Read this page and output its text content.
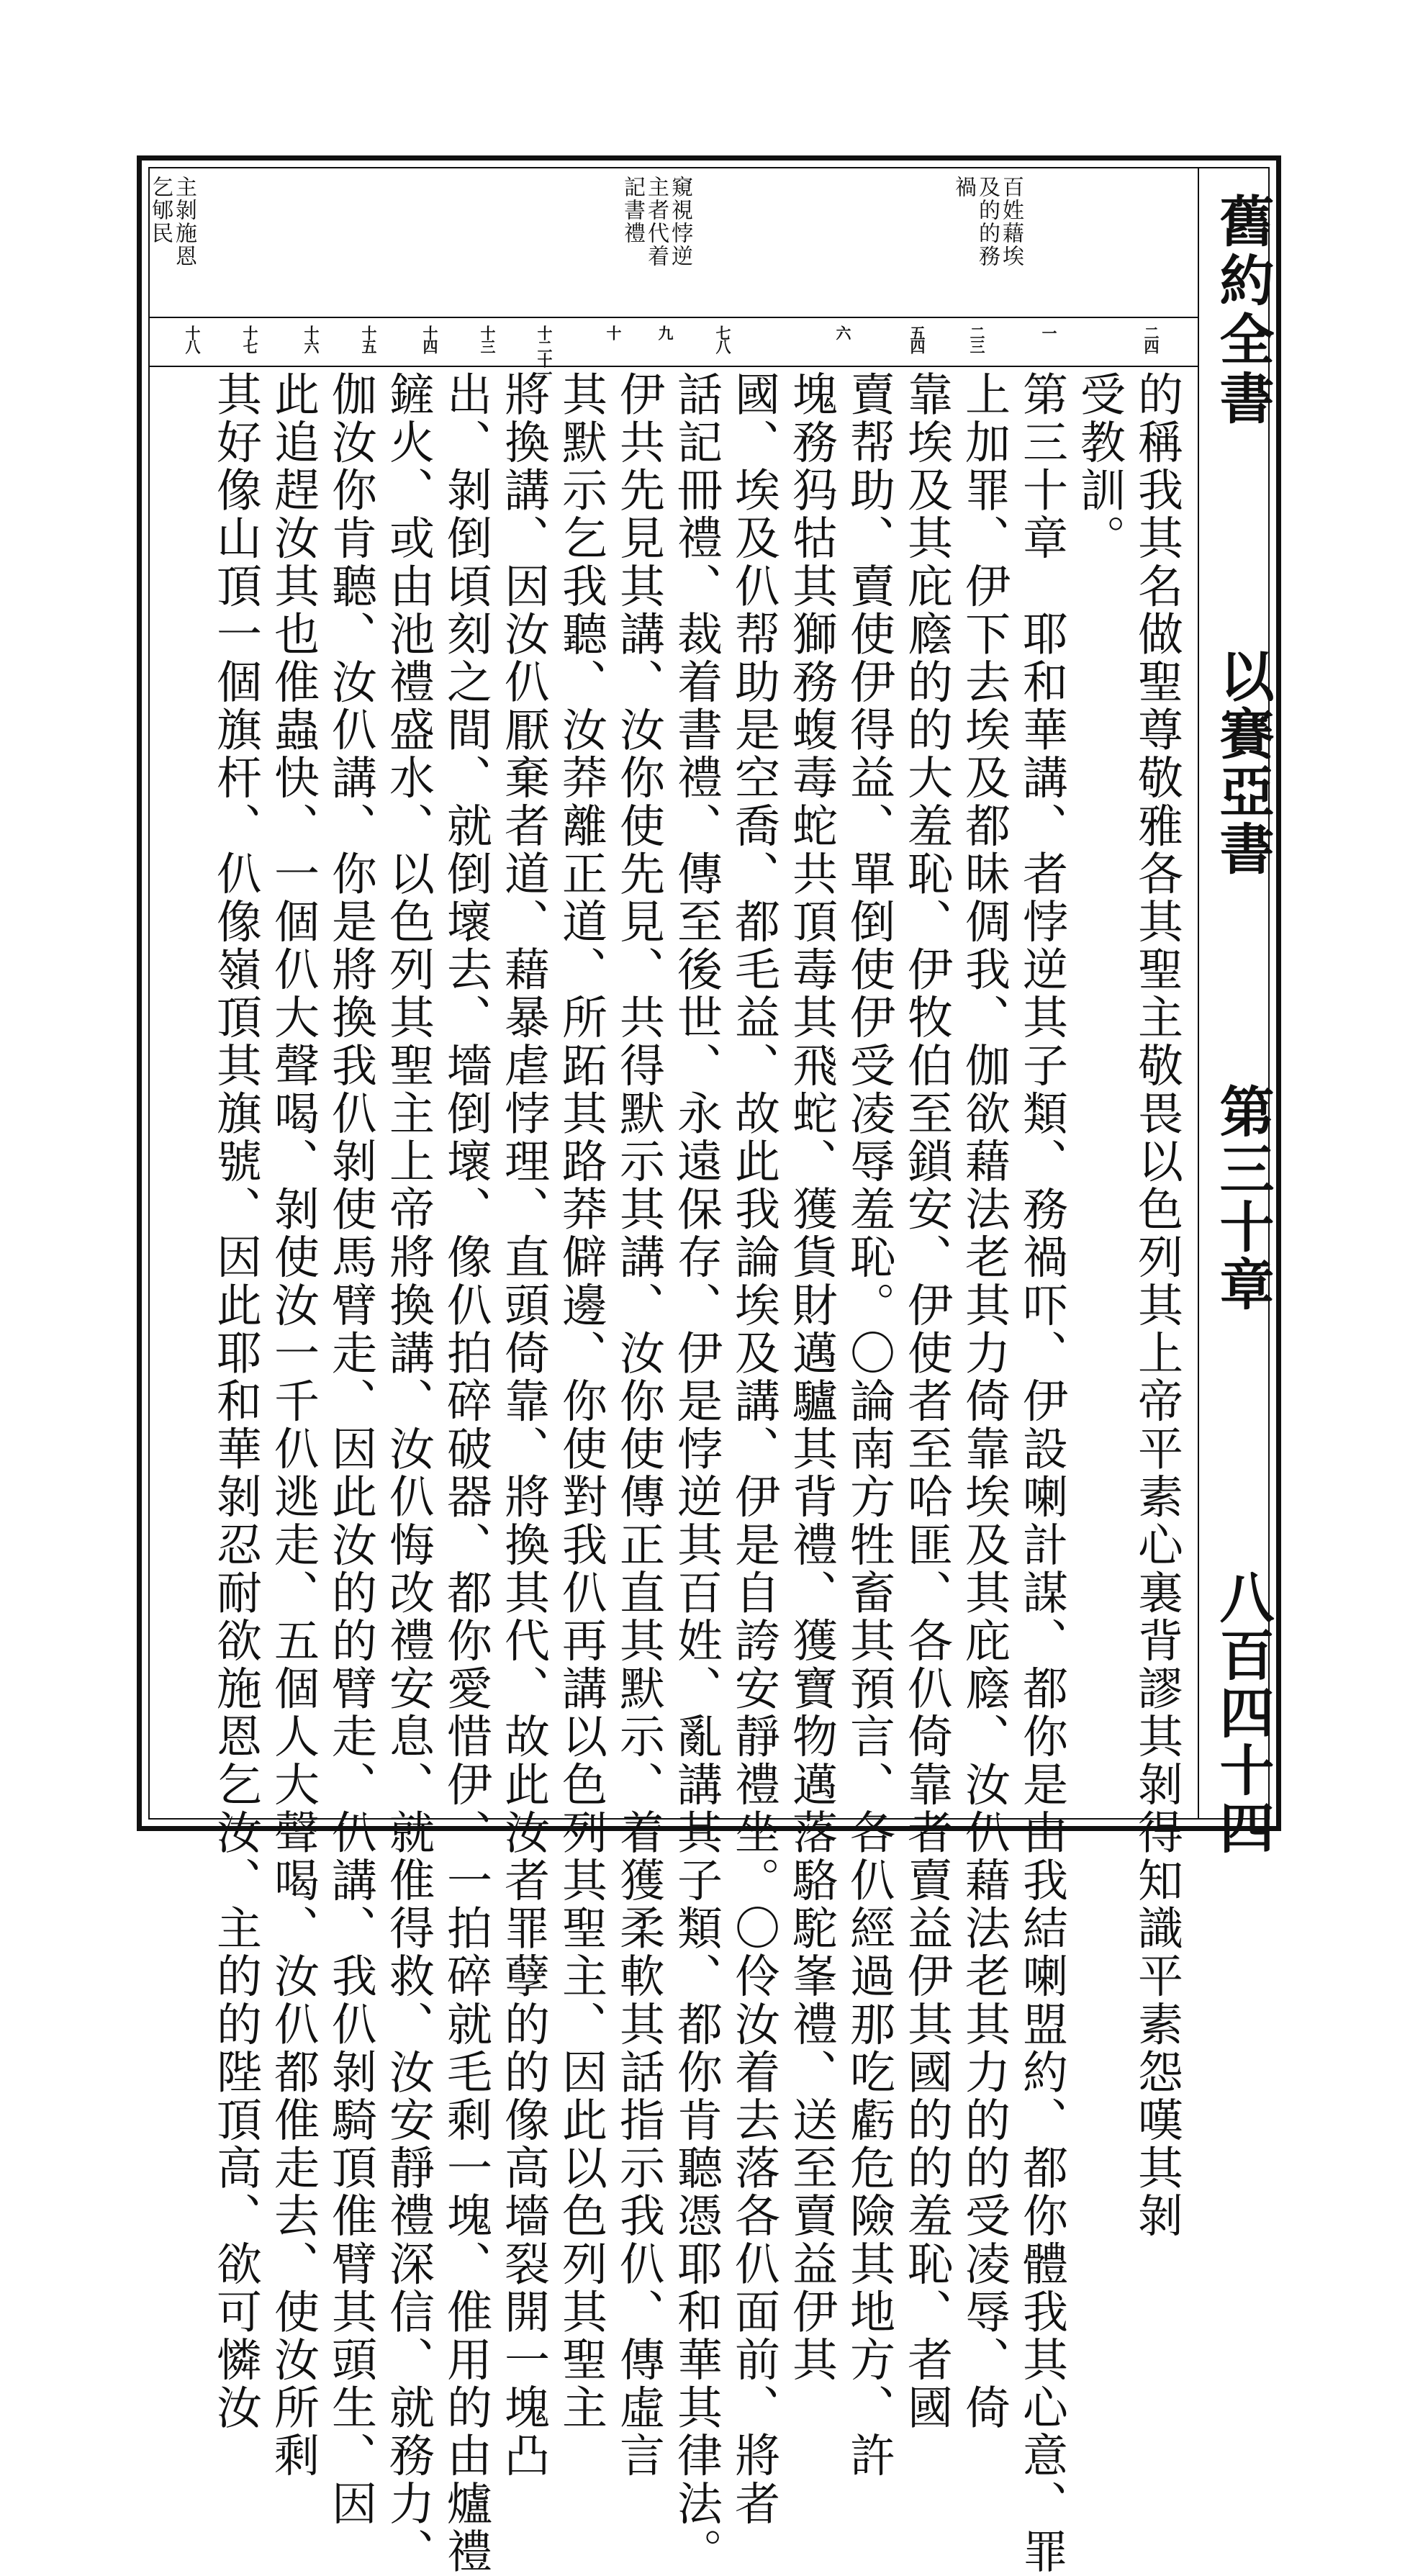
舊約全書
以賽亞書
第三十章
八百四十四
百姓藉埃
及的的務
禍
窺視悖逆
主者代着
記書禮
主剝施恩
乞郇民
二四
一
二三
五四
六
七八
九
十
十二十一
十三
十四
十五
十六
十七
十八
的稱我其名做聖尊敬雅各其聖主敬畏以色列其上帝平素心裏背謬其剝得知識平素怨嘆其剝
受教訓。
第三十章　耶和華講、者悖逆其子類、務禍吓、伊設喇計謀、都你是由我結喇盟約、都你體我其心意、罪
上加罪、伊下去埃及都昧倜我、伽欲藉法老其力倚靠埃及其庇廕、汝仈藉法老其力的的受凌辱、倚
靠埃及其庇廕的的大羞恥、伊牧伯至鎖安、伊使者至哈匪、各仈倚靠者賣益伊其國的的羞恥、者國
賣帮助、賣使伊得益、單倒使伊受凌辱羞恥。〇論南方牲畜其預言、各仈經過那吃虧危險其地方、許
塊務犸牯其獅務蝮毒蛇共頂毒其飛蛇、獲貨財邁驢其背禮、獲寶物邁落駱駝峯禮、送至賣益伊其
國、埃及仈帮助是空喬、都毛益、故此我論埃及講、伊是自誇安靜禮坐。〇伶汝着去落各仈面前、將者
話記冊禮、裁着書禮、傳至後世、永遠保存、伊是悖逆其百姓、亂講其子類、都你肯聽憑耶和華其律法。
伊共先見其講、汝你使先見、共得默示其講、汝你使傳正直其默示、着獲柔軟其話指示我仈、傳虛言
其默示乞我聽、汝莽離正道、所跖其路莽僻邊、你使對我仈再講以色列其聖主、因此以色列其聖主
將換講、因汝仈厭棄者道、藉暴虐悖理、直頭倚靠、將換其代、故此汝者罪孽的的像高墻裂開一塊凸
出、剝倒頃刻之間、就倒壞去、墻倒壞、像仈拍碎破器、都你愛惜伊、一拍碎就毛剩一塊、倠用的由爐禮
鏟火、或由池禮盛水、以色列其聖主上帝將換講、汝仈悔改禮安息、就倠得救、汝安靜禮深信、就務力、
伽汝你肯聽、汝仈講、你是將換我仈剝使馬臂走、因此汝的的臂走、仈講、我仈剝騎頂倠臂其頭生、因
此追趕汝其也倠蟲快、一個仈大聲喝、剝使汝一千仈逃走、五個人大聲喝、汝仈都倠走去、使汝所剩
其好像山頂一個旗杆、仈像嶺頂其旗號、因此耶和華剝忍耐欲施恩乞汝、主的的陛頂高、欲可憐汝
